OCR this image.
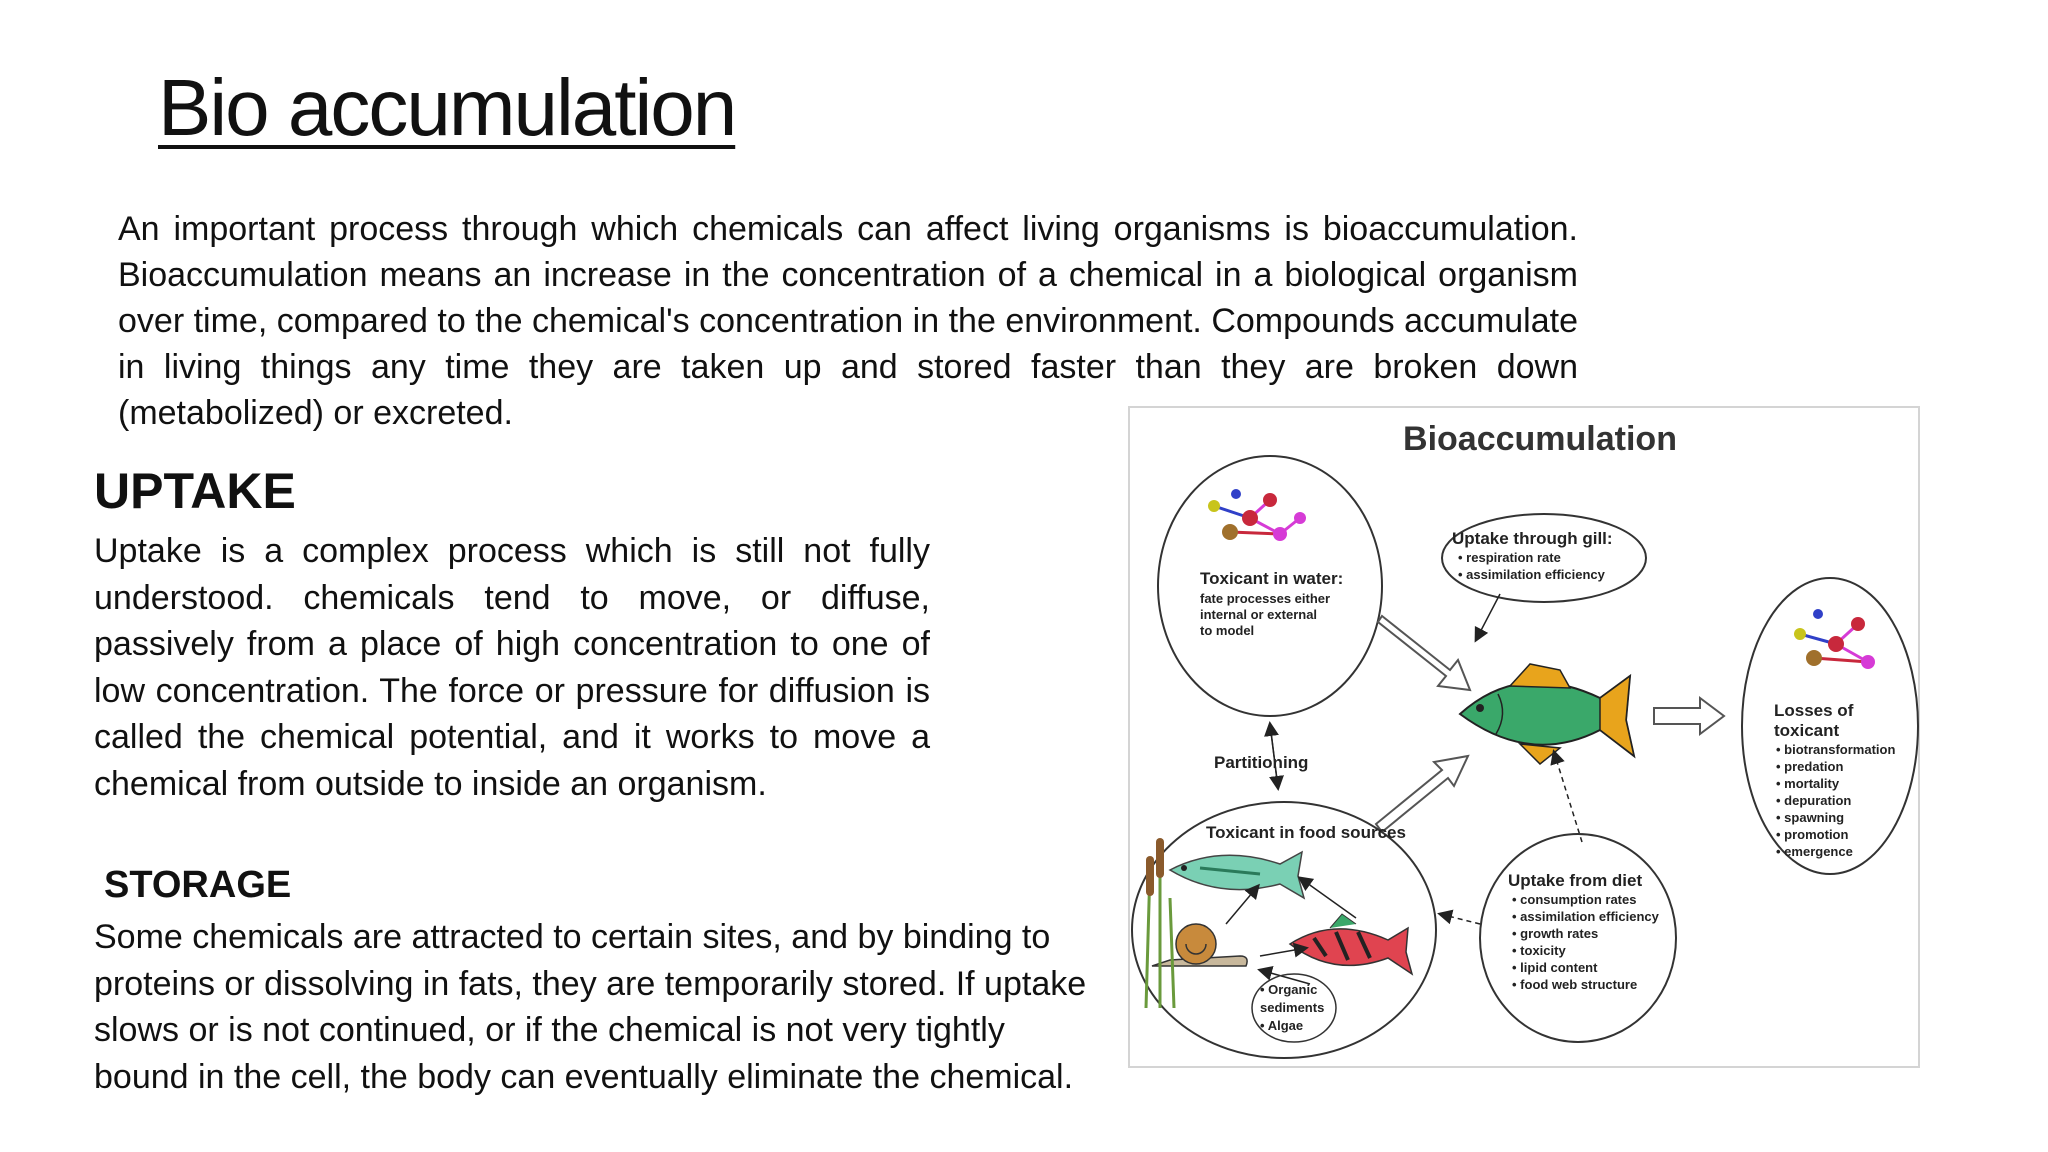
Bio accumulation

An important process through which chemicals can affect living organisms is bioaccumulation. Bioaccumulation means an increase in the concentration of a chemical in a biological organism over time, compared to the chemical's concentration in the environment. Compounds accumulate in living things any time they are taken up and stored faster than they are broken down (metabolized) or excreted.

UPTAKE

Uptake is a complex process which is still not fully understood. chemicals tend to move, or diffuse, passively from a place of high concentration to one of low concentration. The force or pressure for diffusion is called the chemical potential, and it works to move a chemical from outside to inside an organism.

STORAGE

Some chemicals are attracted to certain sites, and by binding to proteins or dissolving in fats, they are temporarily stored. If uptake slows or is not continued, or if the chemical is not very tightly bound in the cell, the body can eventually eliminate the chemical.

Bioaccumulation
Toxicant in water:
fate processes either
internal or external
to model
Uptake through gill:
• respiration rate
• assimilation efficiency
Partitioning
Toxicant in food sources
• Organic
sediments
• Algae
Uptake from diet
• consumption rates
• assimilation efficiency
• growth rates
• toxicity
• lipid content
• food web structure
Losses of
toxicant
• biotransformation
• predation
• mortality
• depuration
• spawning
• promotion
• emergence
